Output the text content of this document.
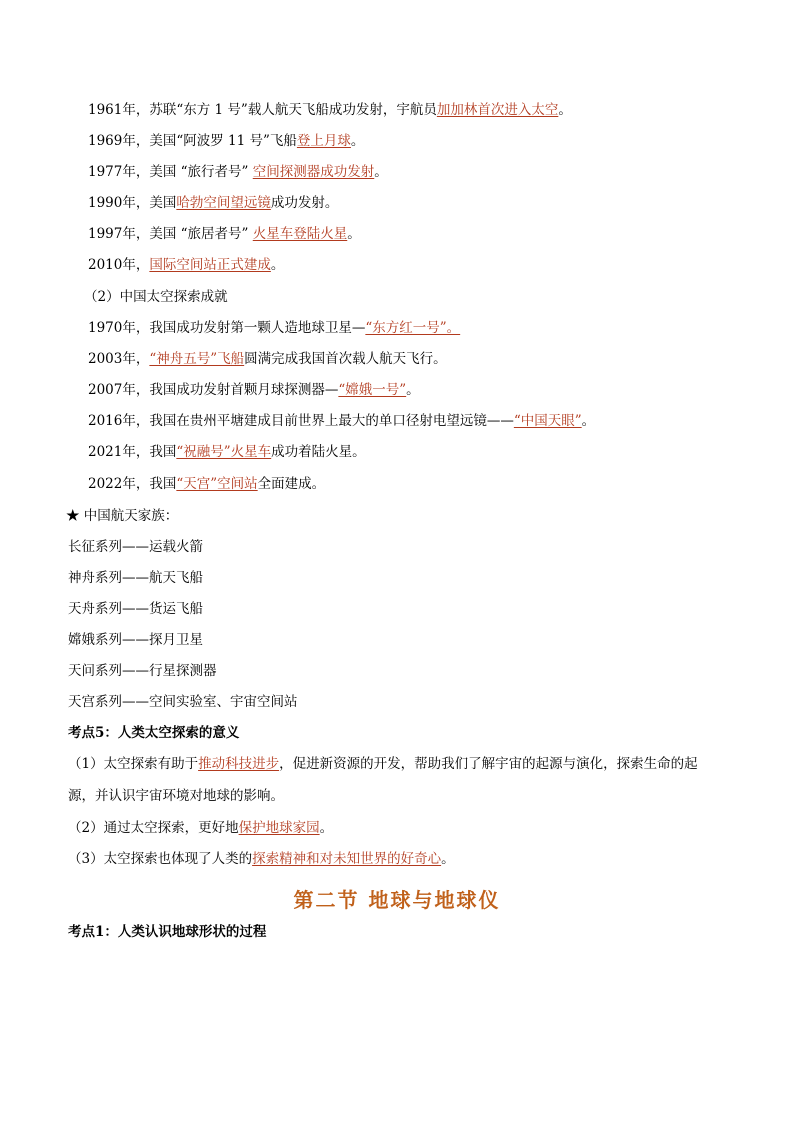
1961年，苏联“东方 1 号”载人航天飞船成功发射，宇航员加加林首次进入太空。
1969年，美国“阿波罗 11 号”飞船登上月球。
1977年，美国 “旅行者号” 空间探测器成功发射。
1990年，美国哈勃空间望远镜成功发射。
1997年，美国 “旅居者号” 火星车登陆火星。
2010年，国际空间站正式建成。
（2）中国太空探索成就
1970年，我国成功发射第一颗人造地球卫星—“东方红一号”。
2003年，“神舟五号”飞船圆满完成我国首次载人航天飞行。
2007年，我国成功发射首颗月球探测器—“嫦娥一号”。
2016年，我国在贵州平塘建成目前世界上最大的单口径射电望远镜——“中国天眼”。
2021年，我国“祝融号”火星车成功着陆火星。
2022年，我国“天宫”空间站全面建成。
★ 中国航天家族：
长征系列——运载火箭
神舟系列——航天飞船
天舟系列——货运飞船
嫦娥系列——探月卫星
天问系列——行星探测器
天宫系列——空间实验室、宇宙空间站
考点5：人类太空探索的意义
（1）太空探索有助于推动科技进步，促进新资源的开发，帮助我们了解宇宙的起源与演化，探索生命的起
源，并认识宇宙环境对地球的影响。
（2）通过太空探索，更好地保护地球家园。
（3）太空探索也体现了人类的探索精神和对未知世界的好奇心。
第二节 地球与地球仪
考点1：人类认识地球形状的过程
